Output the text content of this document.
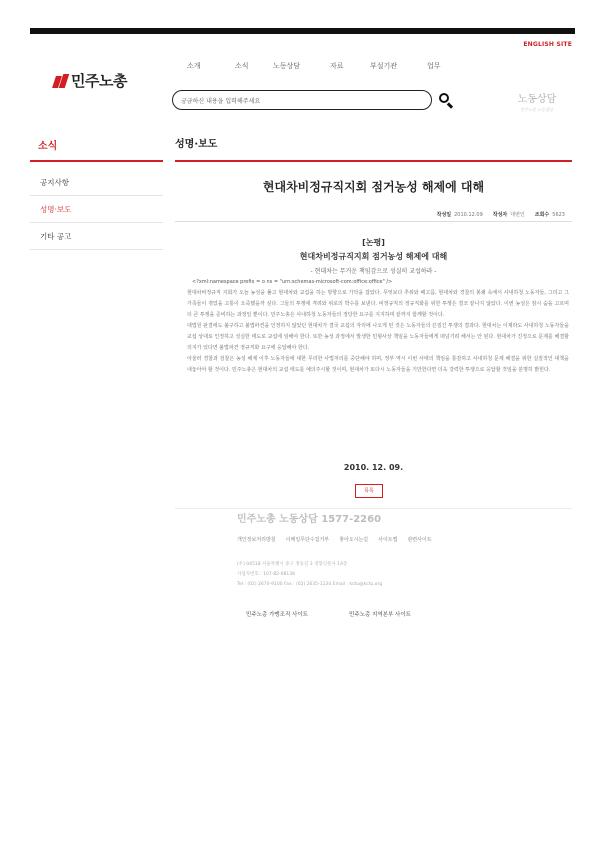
ENGLISH SITE
민주노총
소개	소식	노동상담	자료	부설기관	업무
궁금하신 내용을 입력해주세요	노동상담
민주노총 노동상담
소식
공지사항
성명·보도
기타 공고
성명·보도
현대차비정규직지회 점거농성 해제에 대해
작성일 2010.12.09 작성자 대변인 조회수 5623
[논평]
현대차비정규직지회 점거농성 해제에 대해
- 현대차는 무거운 책임감으로 성실히 교섭하라 -
<?xml:namespace prefix = o ns = "urn:schemas-microsoft-com:office:office" />

현대차비정규직 지회가 오늘 농성을 풀고 현대차와 교섭을 하는 방향으로 가닥을 잡았다. 무엇보다 추위와 배고픔, 현대차와 경찰의 봉쇄 속에서 사내하청 노동자들, 그리고 그 가족들이 겪었을 고통이 오죽했을까 싶다. 그들의 투쟁에 격려와 위로의 박수를 보낸다. 비정규직의 정규직화를 위한 투쟁은 결코 끝나지 않았다. 이번 농성은 잠시 숨을 고르며 더 큰 투쟁을 준비하는 과정일 뿐이다. 민주노총은 사내하청 노동자들의 정당한 요구를 지지하며 끝까지 함께할 것이다.

대법원 판결에도 불구하고 불법파견을 인정하지 않았던 현대차가 결국 교섭의 자리에 나오게 된 것은 노동자들의 끈질긴 투쟁의 결과다. 현대차는 이제라도 사내하청 노동자들을 교섭 상대로 인정하고 성실한 태도로 교섭에 임해야 한다. 또한 농성 과정에서 발생한 민형사상 책임을 노동자들에게 떠넘기려 해서는 안 된다. 현대차가 진정으로 문제를 해결할 의지가 있다면 불법파견 정규직화 요구에 응답해야 한다.

아울러 경찰과 검찰은 농성 해제 이후 노동자들에 대한 무리한 사법처리를 중단해야 하며, 정부 역시 이번 사태의 책임을 통감하고 사내하청 문제 해결을 위한 실질적인 대책을 내놓아야 할 것이다. 민주노총은 현대차의 교섭 태도를 예의주시할 것이며, 현대차가 또다시 노동자들을 기만한다면 더욱 강력한 투쟁으로 응답할 것임을 분명히 밝힌다.

2010. 12. 09.
목록
민주노총 노동상담 1577-2260
개인정보처리방침 이메일무단수집거부 찾아오시는길 사이트맵 관련사이트
(우) 04518 서울특별시 중구 정동길 3 경향신문사 14층
사업자번호 : 107-82-08138
Tel : (02) 2670-9100 Fax : (02) 2635-1134 Email : kctu@kctu.org
민주노총 가맹조직 사이트	민주노총 지역본부 사이트
